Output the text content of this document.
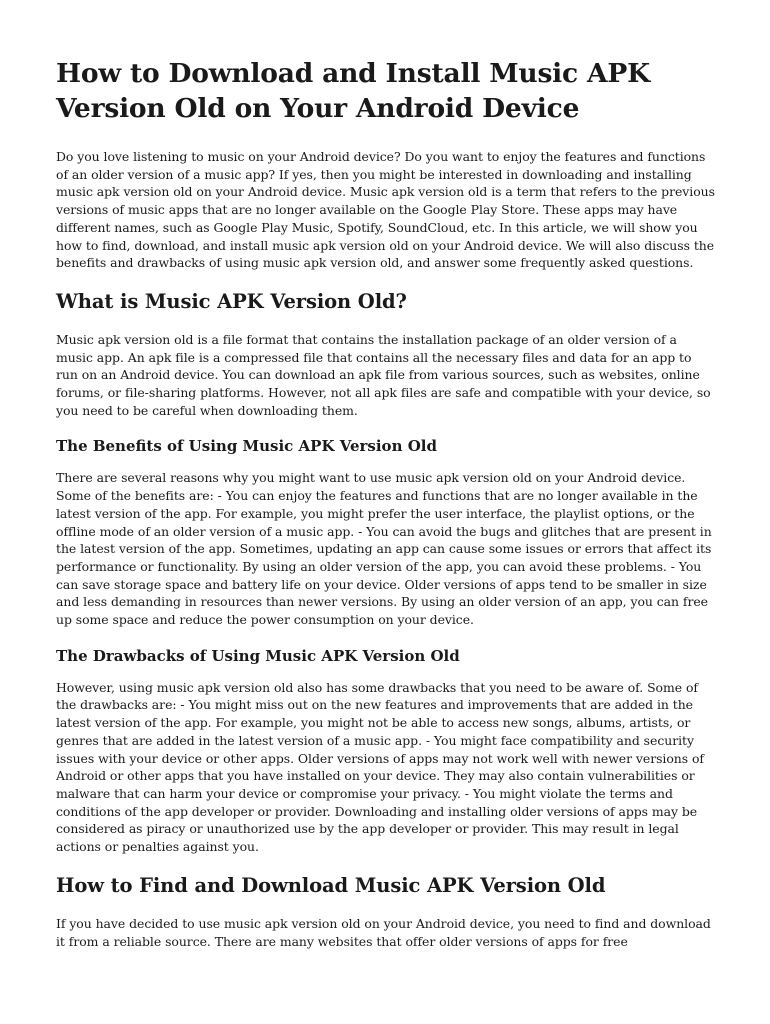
How to Download and Install Music APK Version Old on Your Android Device

Do you love listening to music on your Android device? Do you want to enjoy the features and functions of an older version of a music app? If yes, then you might be interested in downloading and installing music apk version old on your Android device. Music apk version old is a term that refers to the previous versions of music apps that are no longer available on the Google Play Store. These apps may have different names, such as Google Play Music, Spotify, SoundCloud, etc. In this article, we will show you how to find, download, and install music apk version old on your Android device. We will also discuss the benefits and drawbacks of using music apk version old, and answer some frequently asked questions.

What is Music APK Version Old?

Music apk version old is a file format that contains the installation package of an older version of a music app. An apk file is a compressed file that contains all the necessary files and data for an app to run on an Android device. You can download an apk file from various sources, such as websites, online forums, or file-sharing platforms. However, not all apk files are safe and compatible with your device, so you need to be careful when downloading them.

The Benefits of Using Music APK Version Old

There are several reasons why you might want to use music apk version old on your Android device. Some of the benefits are: - You can enjoy the features and functions that are no longer available in the latest version of the app. For example, you might prefer the user interface, the playlist options, or the offline mode of an older version of a music app. - You can avoid the bugs and glitches that are present in the latest version of the app. Sometimes, updating an app can cause some issues or errors that affect its performance or functionality. By using an older version of the app, you can avoid these problems. - You can save storage space and battery life on your device. Older versions of apps tend to be smaller in size and less demanding in resources than newer versions. By using an older version of an app, you can free up some space and reduce the power consumption on your device.

The Drawbacks of Using Music APK Version Old

However, using music apk version old also has some drawbacks that you need to be aware of. Some of the drawbacks are: - You might miss out on the new features and improvements that are added in the latest version of the app. For example, you might not be able to access new songs, albums, artists, or genres that are added in the latest version of a music app. - You might face compatibility and security issues with your device or other apps. Older versions of apps may not work well with newer versions of Android or other apps that you have installed on your device. They may also contain vulnerabilities or malware that can harm your device or compromise your privacy. - You might violate the terms and conditions of the app developer or provider. Downloading and installing older versions of apps may be considered as piracy or unauthorized use by the app developer or provider. This may result in legal actions or penalties against you.

How to Find and Download Music APK Version Old

If you have decided to use music apk version old on your Android device, you need to find and download it from a reliable source. There are many websites that offer older versions of apps for free
